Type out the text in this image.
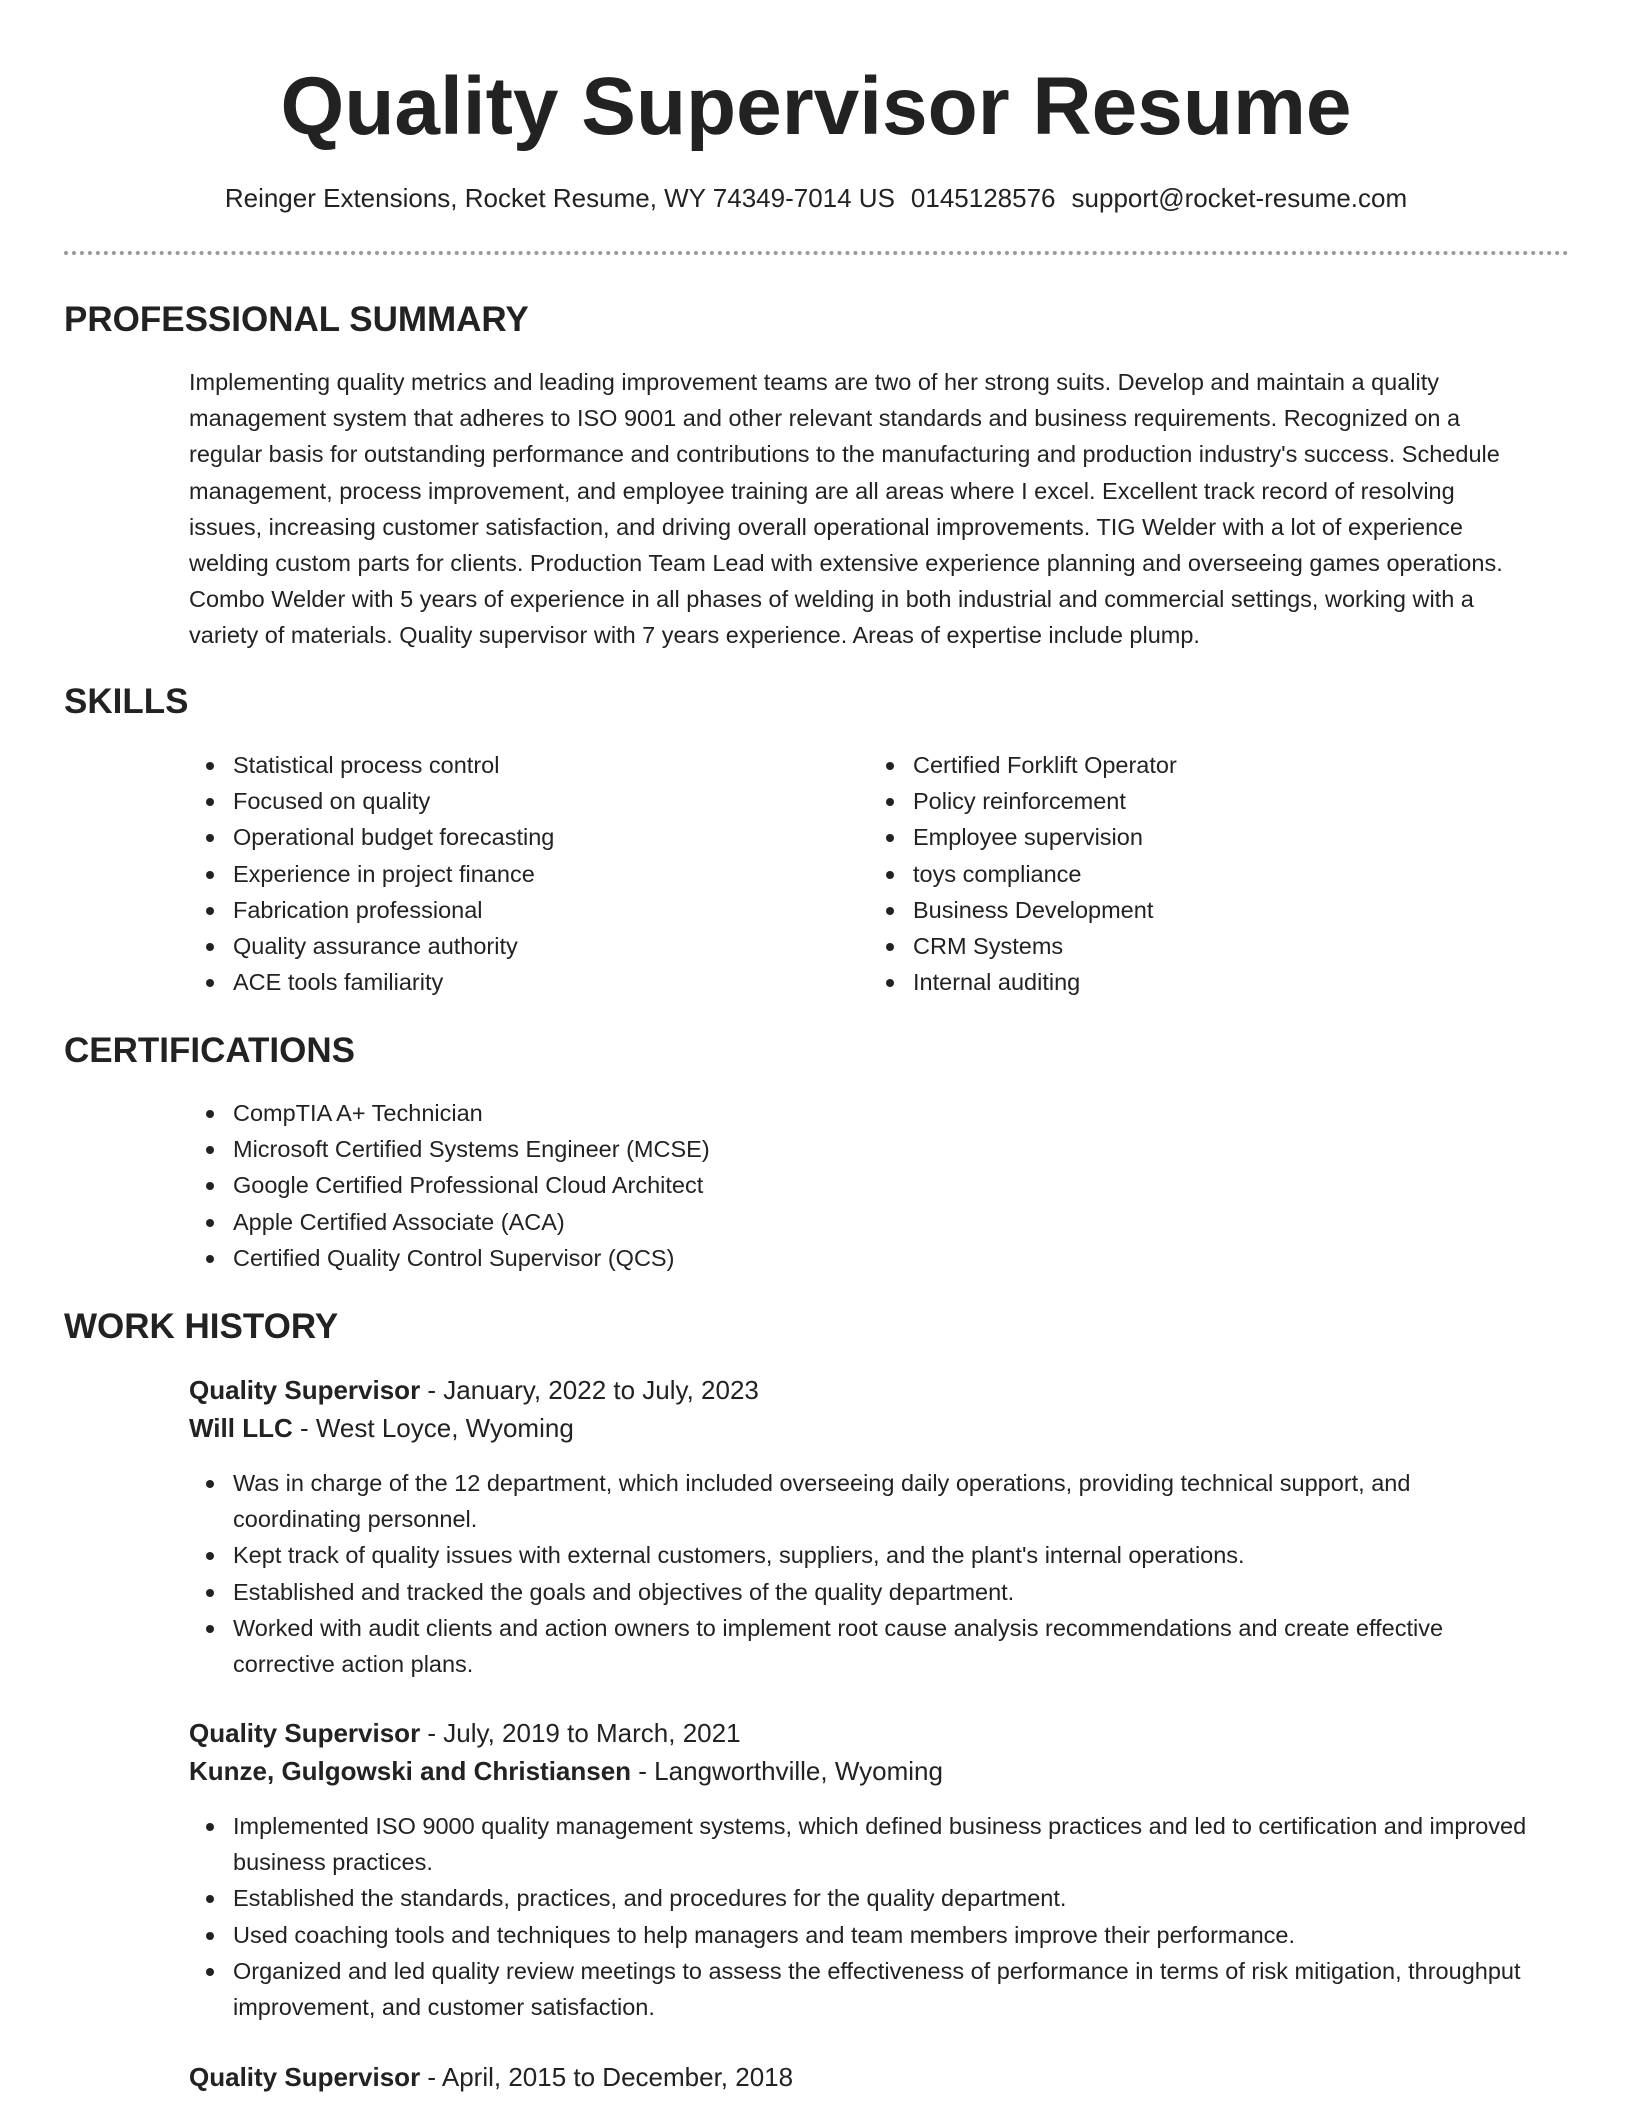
Quality Supervisor Resume
Reinger Extensions, Rocket Resume, WY 74349-7014 US 0145128576 support@rocket-resume.com
PROFESSIONAL SUMMARY

Implementing quality metrics and leading improvement teams are two of her strong suits. Develop and maintain a quality management system that adheres to ISO 9001 and other relevant standards and business requirements. Recognized on a regular basis for outstanding performance and contributions to the manufacturing and production industry's success. Schedule management, process improvement, and employee training are all areas where I excel. Excellent track record of resolving issues, increasing customer satisfaction, and driving overall operational improvements. TIG Welder with a lot of experience welding custom parts for clients. Production Team Lead with extensive experience planning and overseeing games operations. Combo Welder with 5 years of experience in all phases of welding in both industrial and commercial settings, working with a variety of materials. Quality supervisor with 7 years experience. Areas of expertise include plump.

SKILLS
Statistical process control
Focused on quality
Operational budget forecasting
Experience in project finance
Fabrication professional
Quality assurance authority
ACE tools familiarity
Certified Forklift Operator
Policy reinforcement
Employee supervision
toys compliance
Business Development
CRM Systems
Internal auditing
CERTIFICATIONS
CompTIA A+ Technician
Microsoft Certified Systems Engineer (MCSE)
Google Certified Professional Cloud Architect
Apple Certified Associate (ACA)
Certified Quality Control Supervisor (QCS)
WORK HISTORY
Quality Supervisor - January, 2022 to July, 2023
Will LLC - West Loyce, Wyoming
Was in charge of the 12 department, which included overseeing daily operations, providing technical support, and coordinating personnel.
Kept track of quality issues with external customers, suppliers, and the plant's internal operations.
Established and tracked the goals and objectives of the quality department.
Worked with audit clients and action owners to implement root cause analysis recommendations and create effective corrective action plans.
Quality Supervisor - July, 2019 to March, 2021
Kunze, Gulgowski and Christiansen - Langworthville, Wyoming
Implemented ISO 9000 quality management systems, which defined business practices and led to certification and improved business practices.
Established the standards, practices, and procedures for the quality department.
Used coaching tools and techniques to help managers and team members improve their performance.
Organized and led quality review meetings to assess the effectiveness of performance in terms of risk mitigation, throughput improvement, and customer satisfaction.
Quality Supervisor - April, 2015 to December, 2018
